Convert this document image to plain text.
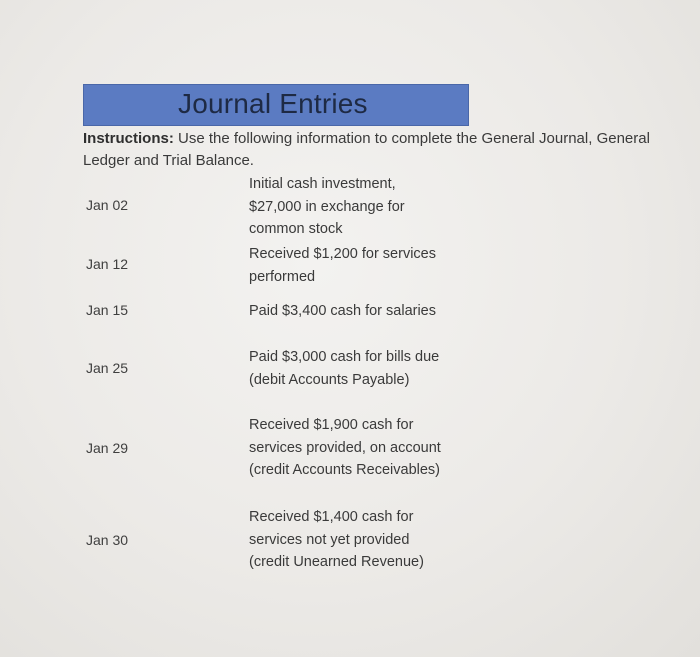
Journal Entries
Instructions: Use the following information to complete the General Journal, General Ledger and Trial Balance.
Jan 02
Initial cash investment,
$27,000 in exchange for
common stock
Jan 12
Received $1,200 for services
performed
Jan 15	Paid $3,400 cash for salaries
Jan 25
Paid $3,000 cash for bills due
(debit Accounts Payable)
Jan 29
Received $1,900 cash for
services provided, on account
(credit Accounts Receivables)
Jan 30
Received $1,400 cash for
services not yet provided
(credit Unearned Revenue)
